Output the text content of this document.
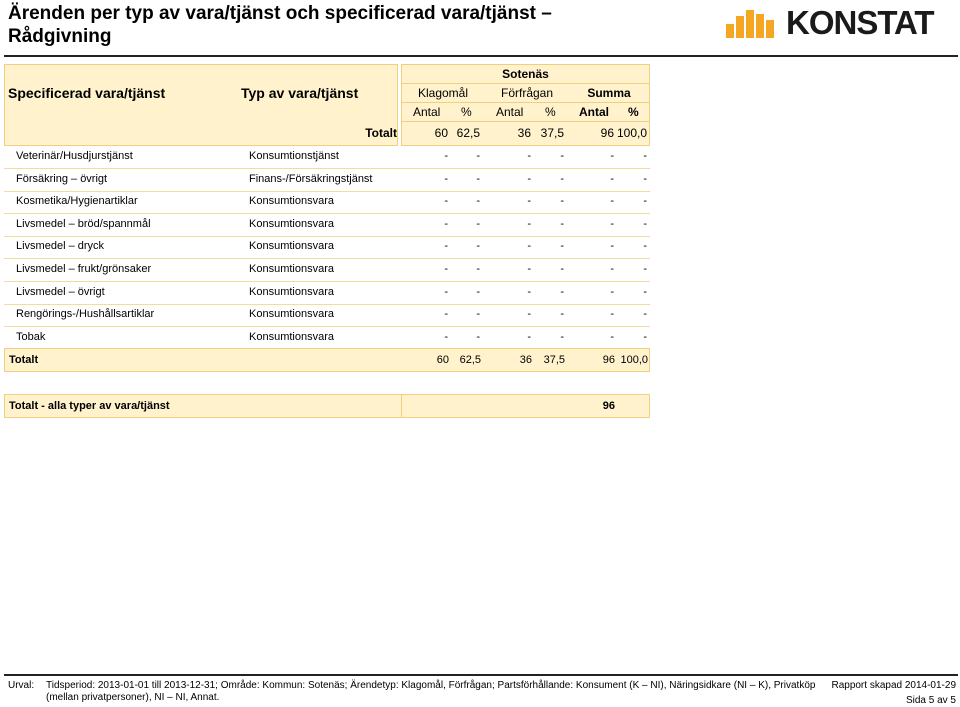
Ärenden per typ av vara/tjänst och specificerad vara/tjänst –
Rådgivning	KONSTAT
Specificerad vara/tjänst	Typ av vara/tjänst
Sotenäs
Klagomål	Förfrågan	Summa
Antal % Antal % Antal %
Totalt	60 62,5	36 37,5	96 100,0
Veterinär/Husdjurstjänst	Konsumtionstjänst	-	-	-	-	-	-
Försäkring – övrigt	Finans-/Försäkringstjänst	-	-	-	-	-	-
Kosmetika/Hygienartiklar	Konsumtionsvara	-	-	-	-	-	-
Livsmedel – bröd/spannmål	Konsumtionsvara	-	-	-	-	-	-
Livsmedel – dryck	Konsumtionsvara	-	-	-	-	-	-
Livsmedel – frukt/grönsaker	Konsumtionsvara	-	-	-	-	-	-
Livsmedel – övrigt	Konsumtionsvara	-	-	-	-	-	-
Rengörings-/Hushållsartiklar	Konsumtionsvara	-	-	-	-	-	-
Tobak	Konsumtionsvara	-	-	-	-	-	-
Totalt	60 62,5	36	37,5	96 100,0
Totalt - alla typer av vara/tjänst	96
Urval: Tidsperiod: 2013-01-01 till 2013-12-31; Område: Kommun: Sotenäs; Ärendetyp: Klagomål, Förfrågan; Partsförhållande: Konsument (K – NI), Näringsidkare (NI – K), Privatköp
(mellan privatpersoner), NI – NI, Annat.
Rapport skapad 2014-01-29
Sida 5 av 5
